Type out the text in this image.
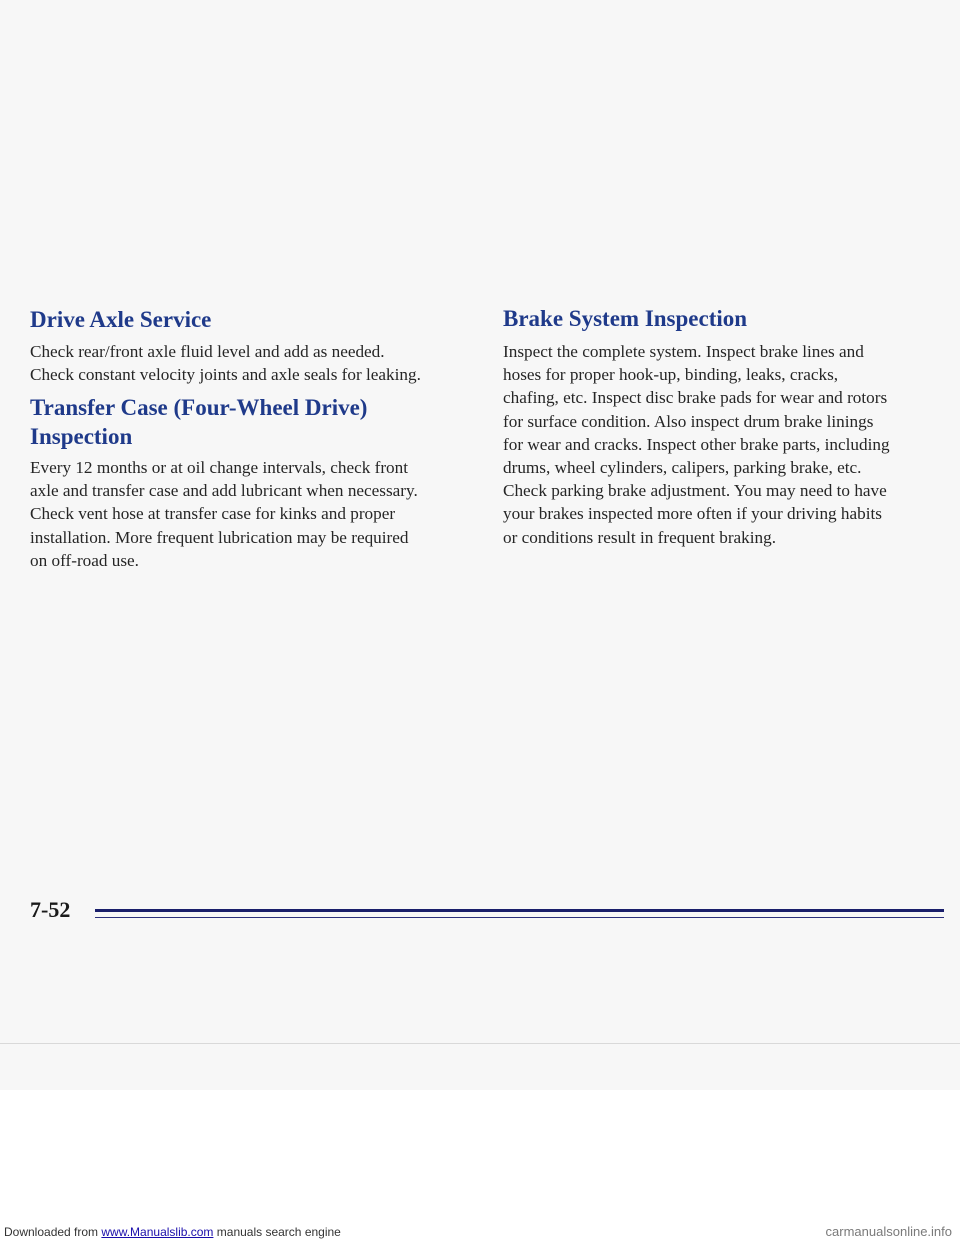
Drive Axle Service

Check rear/front axle fluid level and add as needed.
Check constant velocity joints and axle seals for leaking.

Transfer Case (Four-Wheel Drive)
Inspection

Every 12 months or at oil change intervals, check front
axle and transfer case and add lubricant when necessary.
Check vent hose at transfer case for kinks and proper
installation. More frequent lubrication may be required
on off-road use.

Brake System Inspection

Inspect the complete system. Inspect brake lines and
hoses for proper hook-up, binding, leaks, cracks,
chafing, etc. Inspect disc brake pads for wear and rotors
for surface condition. Also inspect drum brake linings
for wear and cracks. Inspect other brake parts, including
drums, wheel cylinders, calipers, parking brake, etc.
Check parking brake adjustment. You may need to have
your brakes inspected more often if your driving habits
or conditions result in frequent braking.

7-52
Downloaded from www.Manualslib.com manuals search engine	carmanualsonline.info
